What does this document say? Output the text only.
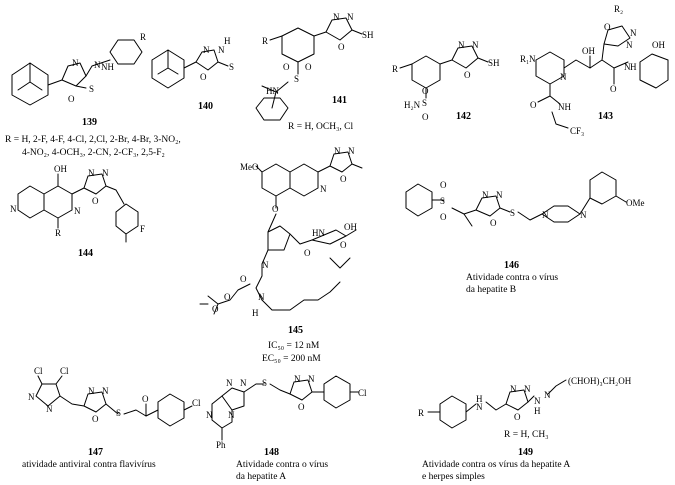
N N NH
O
S
R
139
R = H, 2-F, 4-F, 4-Cl, 2,Cl, 2-Br, 4-Br, 3-NO₂,
4-NO₂, 4-OCH₃, 2-CN, 2-CF₃, 2,5-F₂
N N
H
O
S
140
R
N N
O
SH
S
O O
HN
141
R = H, OCH₃, Cl
R
N N
O
SH
S
H₂N
O
O	142
R₁ N
N
OH
R₂
O
N
N OH
O
N H
O NH
CF₃
143
OH
N	N
R
N N
O
F
144
MeO
N
O
N N
O
N
O
O
HN
OH
O
N
H
O
O
145
IC₅₀ = 12 nM
EC₅₀ = 200 nM
S
O
O
N N
O
S	N	N
OMe
146
Atividade contra o vírus
da hepatite B
Cl Cl
N
N
N N
O
S
O	Cl
147
atividade antiviral contra flavivírus
N N
N
N
S	N N
O
Cl
Ph
148
Atividade contra o vírus
da hepatite A
R
H
N
N N
O
N
H
N
(CHOH)₃CH₂OH
R = H, CH₃
149
Atividade contra os vírus da hepatite A
e herpes simples
